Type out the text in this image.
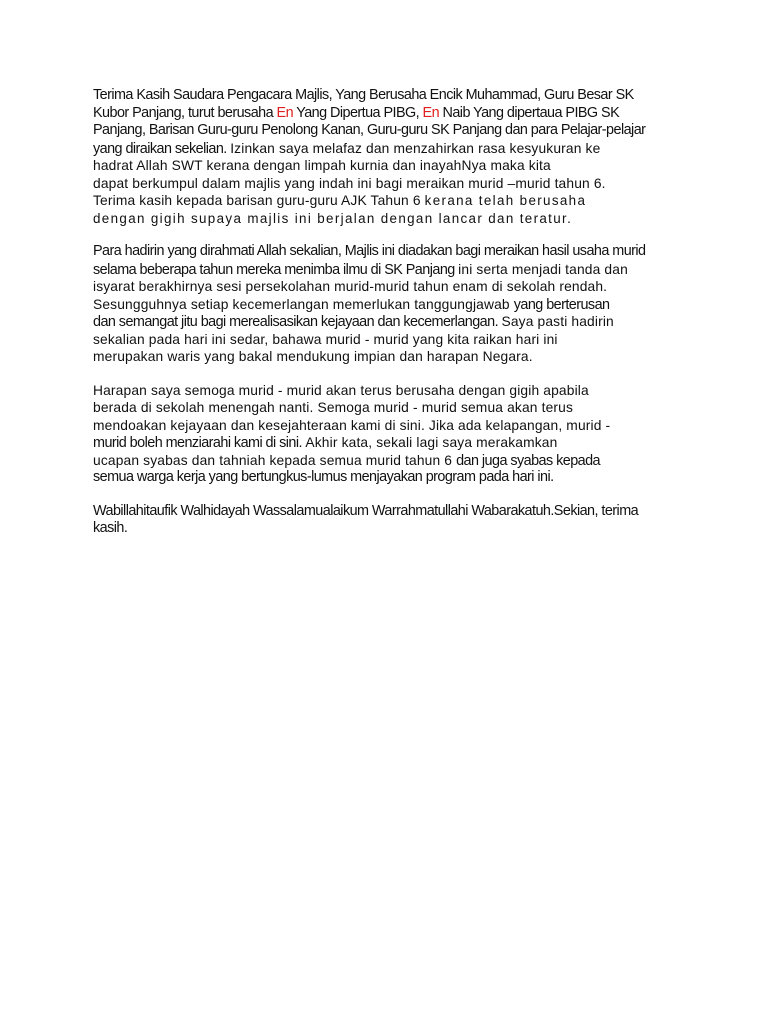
Terima Kasih Saudara Pengacara Majlis, Yang Berusaha Encik Muhammad, Guru Besar SK
Kubor Panjang, turut berusaha En Yang Dipertua PIBG, En Naib Yang dipertaua PIBG SK
Panjang, Barisan Guru-guru Penolong Kanan, Guru-guru SK Panjang dan para Pelajar-pelajar
yang diraikan sekelian. Izinkan saya melafaz dan menzahirkan rasa kesyukuran ke
hadrat Allah SWT kerana dengan limpah kurnia dan inayahNya maka kita
dapat berkumpul dalam majlis yang indah ini bagi meraikan murid –murid tahun 6.
Terima kasih kepada barisan guru-guru AJK Tahun 6 kerana telah berusaha
dengan gigih supaya majlis ini berjalan dengan lancar dan teratur.
Para hadirin yang dirahmati Allah sekalian, Majlis ini diadakan bagi meraikan hasil usaha murid
selama beberapa tahun mereka menimba ilmu di SK Panjang ini serta menjadi tanda dan
isyarat berakhirnya sesi persekolahan murid-murid tahun enam di sekolah rendah.
Sesungguhnya setiap kecemerlangan memerlukan tanggungjawab yang berterusan
dan semangat jitu bagi merealisasikan kejayaan dan kecemerlangan. Saya pasti hadirin
sekalian pada hari ini sedar, bahawa murid - murid yang kita raikan hari ini
merupakan waris yang bakal mendukung impian dan harapan Negara.
Harapan saya semoga murid - murid akan terus berusaha dengan gigih apabila
berada di sekolah menengah nanti. Semoga murid - murid semua akan terus
mendoakan kejayaan dan kesejahteraan kami di sini. Jika ada kelapangan, murid -
murid boleh menziarahi kami di sini. Akhir kata, sekali lagi saya merakamkan
ucapan syabas dan tahniah kepada semua murid tahun 6 dan juga syabas kepada
semua warga kerja yang bertungkus-lumus menjayakan program pada hari ini.
Wabillahitaufik Walhidayah Wassalamualaikum Warrahmatullahi Wabarakatuh.Sekian, terima
kasih.
